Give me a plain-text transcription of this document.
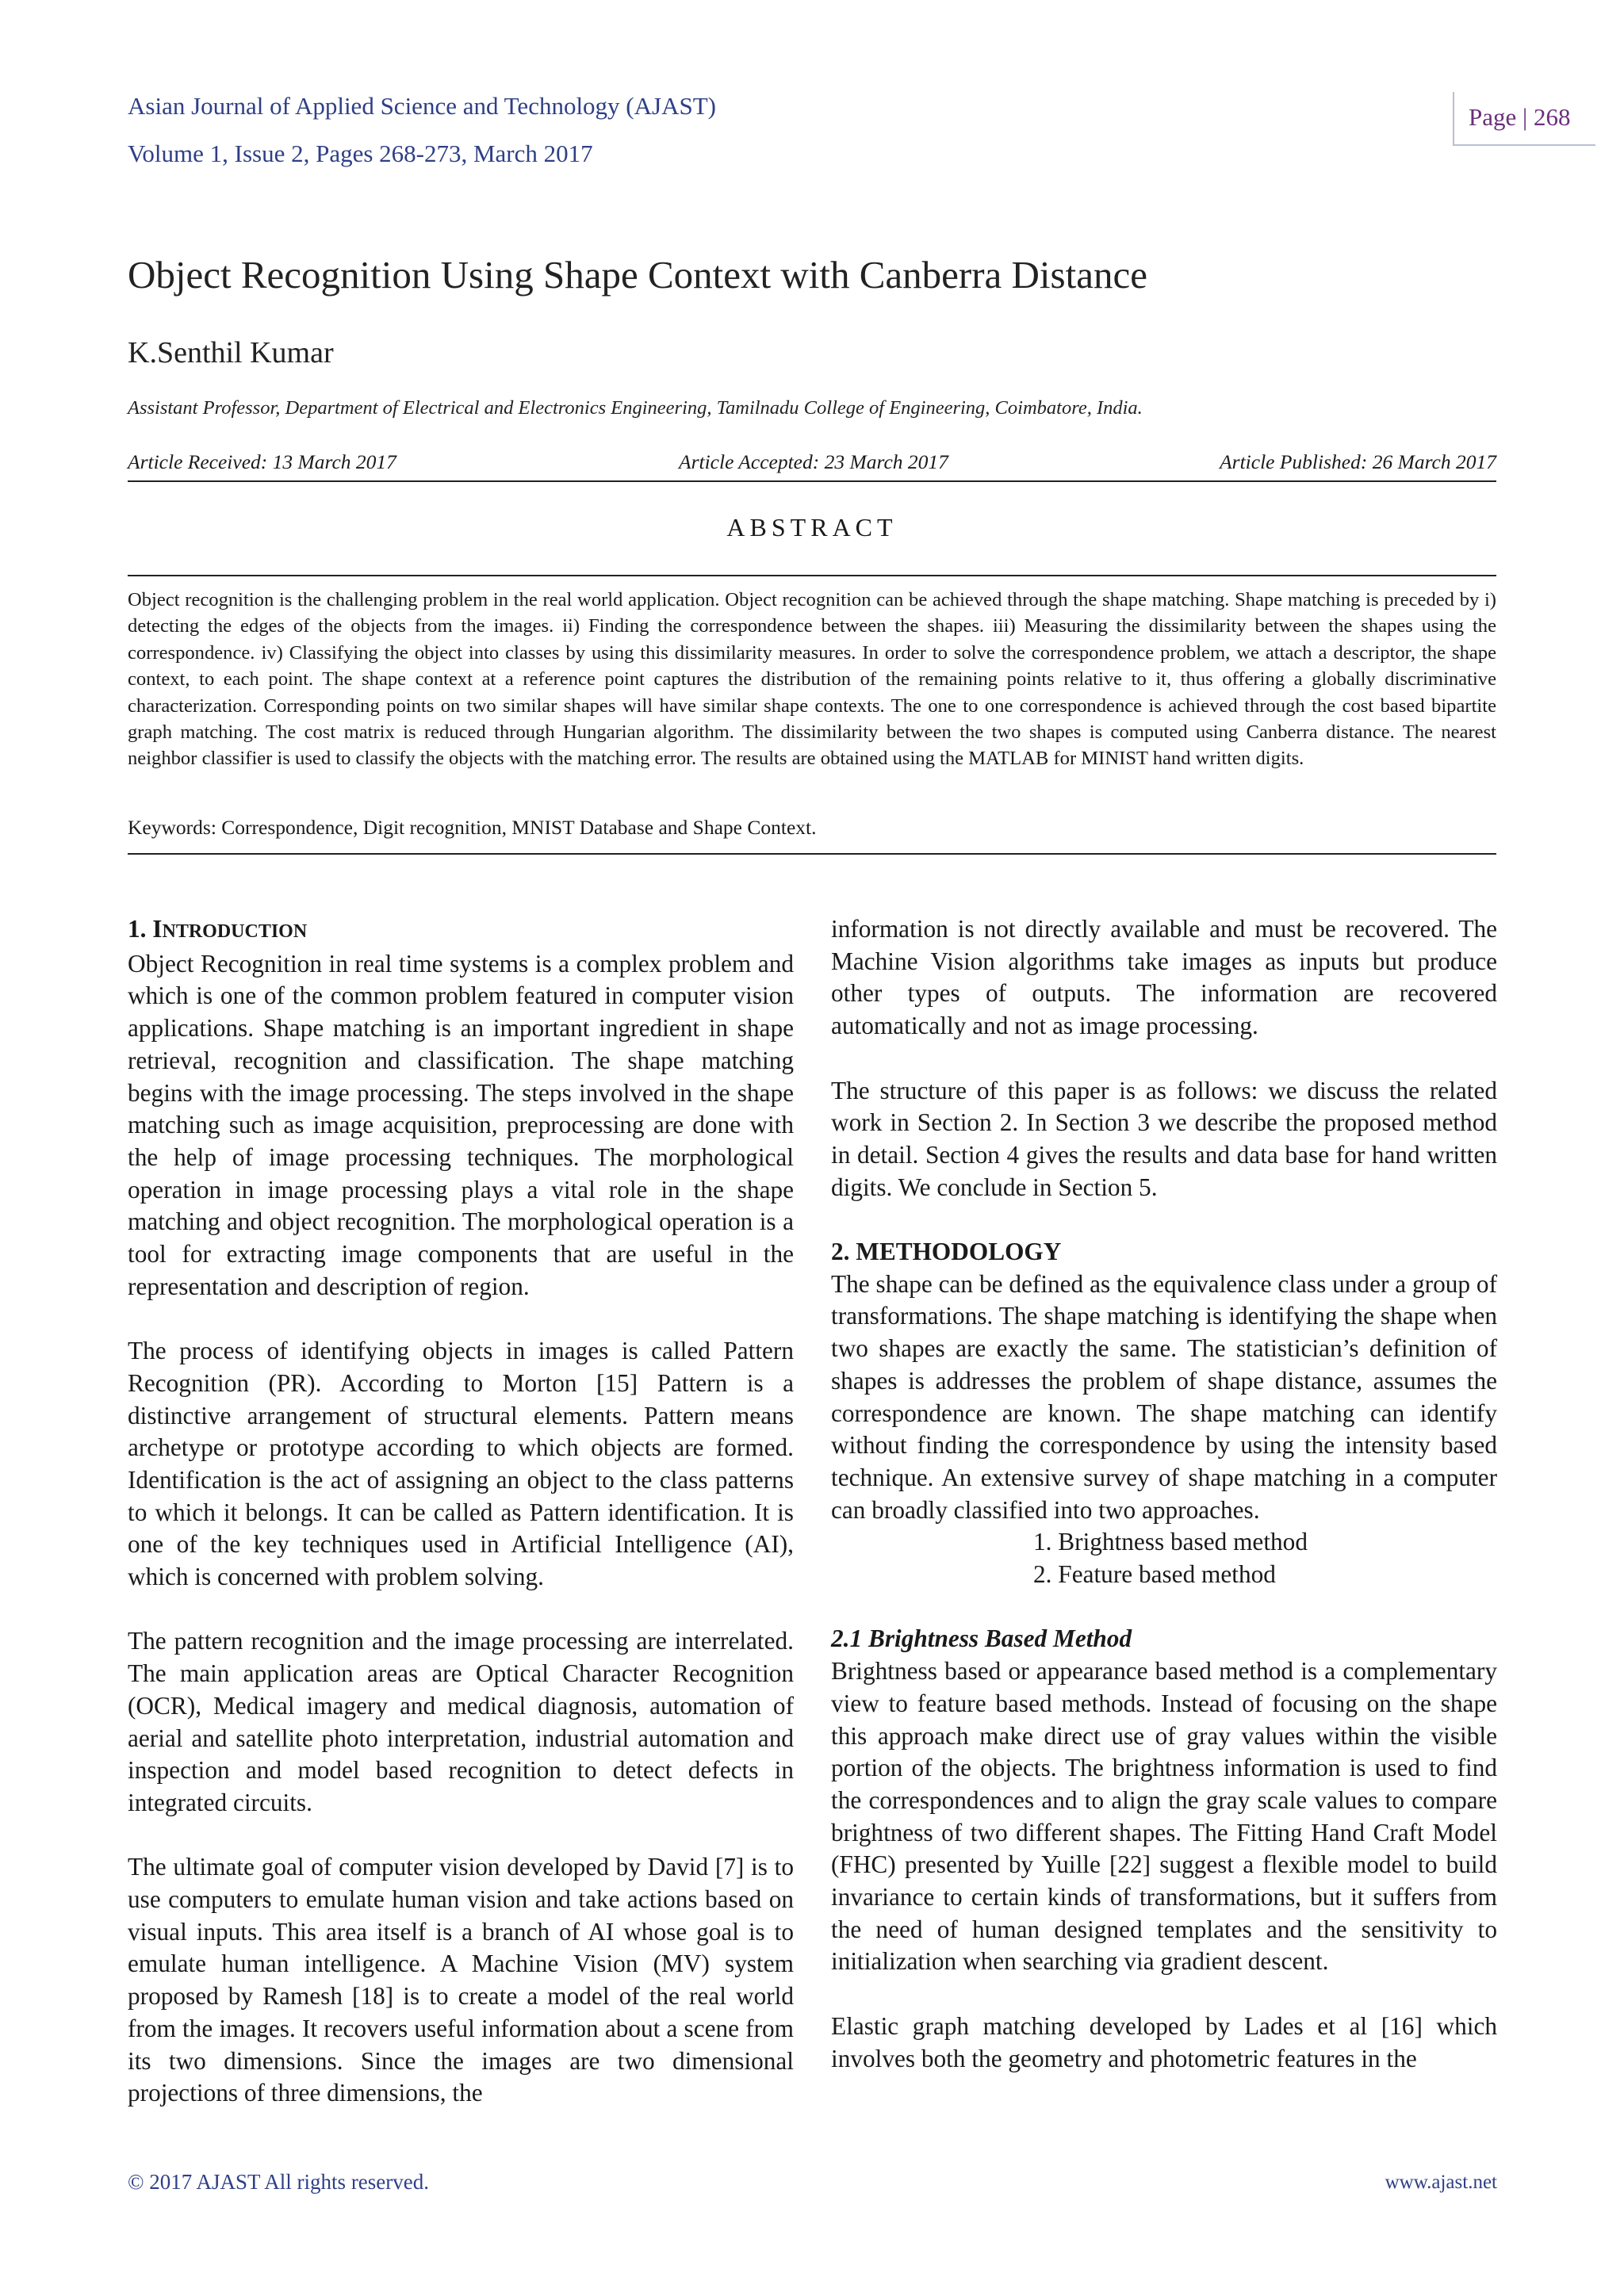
Asian Journal of Applied Science and Technology (AJAST)
Volume 1, Issue 2, Pages 268-273, March 2017
Page | 268
Object Recognition Using Shape Context with Canberra Distance
K.Senthil Kumar
Assistant Professor, Department of Electrical and Electronics Engineering, Tamilnadu College of Engineering, Coimbatore, India.
Article Received: 13 March 2017	Article Accepted: 23 March 2017	Article Published: 26 March 2017
ABSTRACT
Object recognition is the challenging problem in the real world application. Object recognition can be achieved through the shape matching. Shape matching is preceded by i) detecting the edges of the objects from the images. ii) Finding the correspondence between the shapes. iii) Measuring the dissimilarity between the shapes using the correspondence. iv) Classifying the object into classes by using this dissimilarity measures. In order to solve the correspondence problem, we attach a descriptor, the shape context, to each point. The shape context at a reference point captures the distribution of the remaining points relative to it, thus offering a globally discriminative characterization. Corresponding points on two similar shapes will have similar shape contexts. The one to one correspondence is achieved through the cost based bipartite graph matching. The cost matrix is reduced through Hungarian algorithm. The dissimilarity between the two shapes is computed using Canberra distance. The nearest neighbor classifier is used to classify the objects with the matching error. The results are obtained using the MATLAB for MINIST hand written digits.
Keywords: Correspondence, Digit recognition, MNIST Database and Shape Context.
1. INTRODUCTION

Object Recognition in real time systems is a complex problem and which is one of the common problem featured in computer vision applications. Shape matching is an important ingredient in shape retrieval, recognition and classification. The shape matching begins with the image processing. The steps involved in the shape matching such as image acquisition, preprocessing are done with the help of image processing techniques. The morphological operation in image processing plays a vital role in the shape matching and object recognition. The morphological operation is a tool for extracting image components that are useful in the representation and description of region.

The process of identifying objects in images is called Pattern Recognition (PR). According to Morton [15] Pattern is a distinctive arrangement of structural elements. Pattern means archetype or prototype according to which objects are formed. Identification is the act of assigning an object to the class patterns to which it belongs. It can be called as Pattern identification. It is one of the key techniques used in Artificial Intelligence (AI), which is concerned with problem solving.

The pattern recognition and the image processing are interrelated. The main application areas are Optical Character Recognition (OCR), Medical imagery and medical diagnosis, automation of aerial and satellite photo interpretation, industrial automation and inspection and model based recognition to detect defects in integrated circuits.

The ultimate goal of computer vision developed by David [7] is to use computers to emulate human vision and take actions based on visual inputs. This area itself is a branch of AI whose goal is to emulate human intelligence. A Machine Vision (MV) system proposed by Ramesh [18] is to create a model of the real world from the images. It recovers useful information about a scene from its two dimensions. Since the images are two dimensional projections of three dimensions, the

information is not directly available and must be recovered. The Machine Vision algorithms take images as inputs but produce other types of outputs. The information are recovered automatically and not as image processing.

The structure of this paper is as follows: we discuss the related work in Section 2. In Section 3 we describe the proposed method in detail. Section 4 gives the results and data base for hand written digits. We conclude in Section 5.

2. METHODOLOGY

The shape can be defined as the equivalence class under a group of transformations. The shape matching is identifying the shape when two shapes are exactly the same. The statistician’s definition of shapes is addresses the problem of shape distance, assumes the correspondence are known. The shape matching can identify without finding the correspondence by using the intensity based technique. An extensive survey of shape matching in a computer can broadly classified into two approaches.

1. Brightness based method
2. Feature based method
2.1 Brightness Based Method

Brightness based or appearance based method is a complementary view to feature based methods. Instead of focusing on the shape this approach make direct use of gray values within the visible portion of the objects. The brightness information is used to find the correspondences and to align the gray scale values to compare brightness of two different shapes. The Fitting Hand Craft Model (FHC) presented by Yuille [22] suggest a flexible model to build invariance to certain kinds of transformations, but it suffers from the need of human designed templates and the sensitivity to initialization when searching via gradient descent.

Elastic graph matching developed by Lades et al [16] which involves both the geometry and photometric features in the

© 2017 AJAST All rights reserved.	www.ajast.net
